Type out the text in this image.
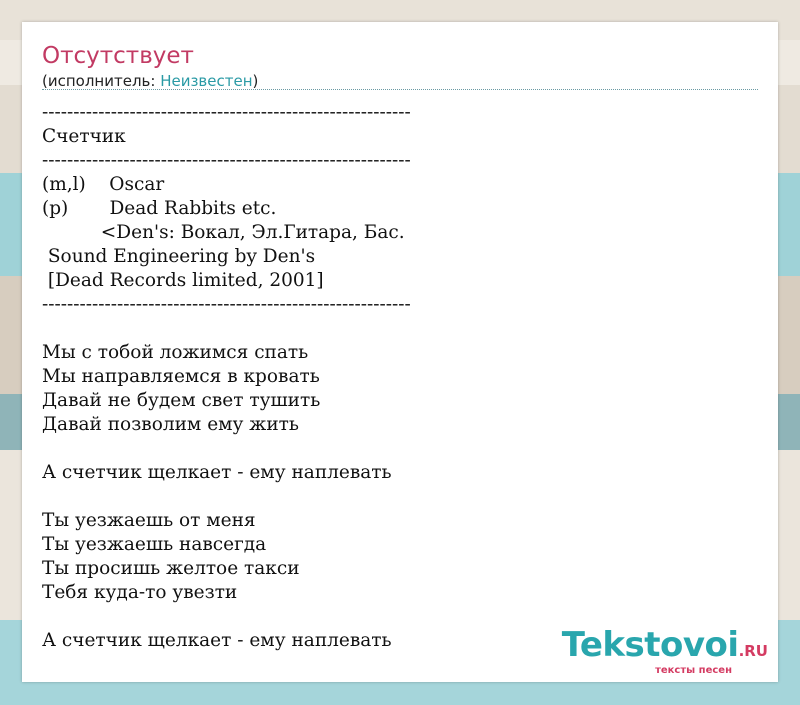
Отсутствует
(исполнитель: Неизвестен)
-----------------------------------------------------------
Счетчик
-----------------------------------------------------------
(m,l)    Oscar
(p)       Dead Rabbits etc.
<Den's: Вокал, Эл.Гитара, Бас.
Sound Engineering by Den's
[Dead Records limited, 2001]
-----------------------------------------------------------

Мы с тобой ложимся спать
Мы направляемся в кровать
Давай не будем свет тушить
Давай позволим ему жить

А счетчик щелкает - ему наплевать

Ты уезжаешь от меня
Ты уезжаешь навсегда
Ты просишь желтое такси
Тебя куда-то увезти

А счетчик щелкает - ему наплевать	Tekstovoi.RU
тексты песен
